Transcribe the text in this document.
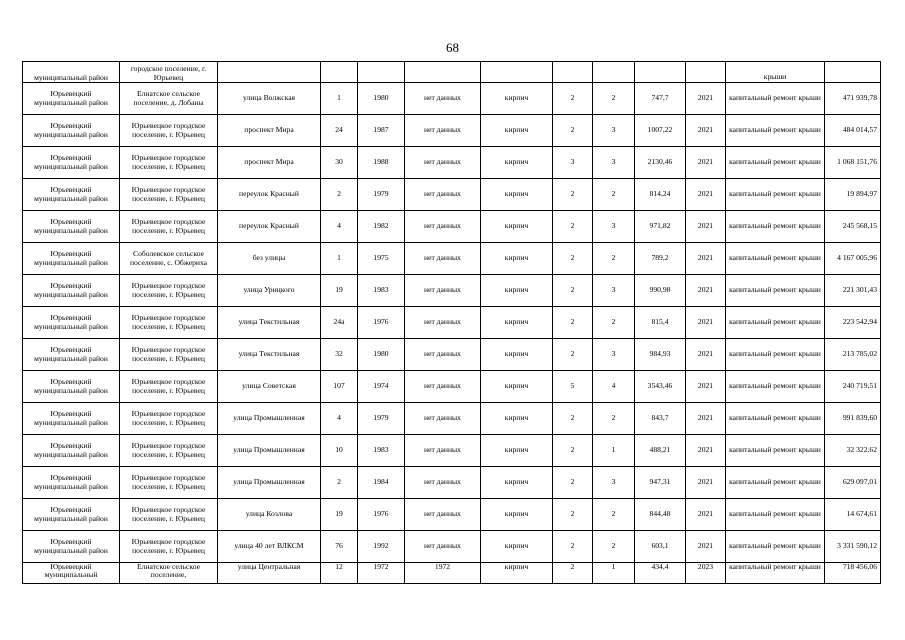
68
муниципальный район	городское поселение, г. Юрьевец										крыши	
Юрьевецкий муниципальный район	Елнатское сельское поселение, д. Лобаны	улица Волжская	1	1980	нет данных	кирпич	2	2	747,7	2021	капитальный ремонт крыши	471 939,78
Юрьевецкий муниципальный район	Юрьевецкое городское поселение, г. Юрьевец	проспект Мира	24	1987	нет данных	кирпич	2	3	1007,22	2021	капитальный ремонт крыши	484 014,57
Юрьевецкий муниципальный район	Юрьевецкое городское поселение, г. Юрьевец	проспект Мира	30	1988	нет данных	кирпич	3	3	2130,46	2021	капитальный ремонт крыши	1 068 151,76
Юрьевецкий муниципальный район	Юрьевецкое городское поселение, г. Юрьевец	переулок Красный	2	1979	нет данных	кирпич	2	2	814,24	2021	капитальный ремонт крыши	19 894,97
Юрьевецкий муниципальный район	Юрьевецкое городское поселение, г. Юрьевец	переулок Красный	4	1982	нет данных	кирпич	2	3	971,82	2021	капитальный ремонт крыши	245 568,15
Юрьевецкий муниципальный район	Соболевское сельское поселение, с. Обжериха	без улицы	1	1975	нет данных	кирпич	2	2	789,2	2021	капитальный ремонт крыши	4 167 005,96
Юрьевецкий муниципальный район	Юрьевецкое городское поселение, г. Юрьевец	улица Урицкого	19	1983	нет данных	кирпич	2	3	990,98	2021	капитальный ремонт крыши	221 301,43
Юрьевецкий муниципальный район	Юрьевецкое городское поселение, г. Юрьевец	улица Текстильная	24а	1976	нет данных	кирпич	2	2	815,4	2021	капитальный ремонт крыши	223 542,94
Юрьевецкий муниципальный район	Юрьевецкое городское поселение, г. Юрьевец	улица Текстильная	32	1980	нет данных	кирпич	2	3	984,93	2021	капитальный ремонт крыши	213 785,02
Юрьевецкий муниципальный район	Юрьевецкое городское поселение, г. Юрьевец	улица Советская	107	1974	нет данных	кирпич	5	4	3543,46	2021	капитальный ремонт крыши	240 719,51
Юрьевецкий муниципальный район	Юрьевецкое городское поселение, г. Юрьевец	улица Промышленная	4	1979	нет данных	кирпич	2	2	843,7	2021	капитальный ремонт крыши	991 839,60
Юрьевецкий муниципальный район	Юрьевецкое городское поселение, г. Юрьевец	улица Промышленная	10	1983	нет данных	кирпич	2	1	488,21	2021	капитальный ремонт крыши	32 322,62
Юрьевецкий муниципальный район	Юрьевецкое городское поселение, г. Юрьевец	улица Промышленная	2	1984	нет данных	кирпич	2	3	947,31	2021	капитальный ремонт крыши	629 097,01
Юрьевецкий муниципальный район	Юрьевецкое городское поселение, г. Юрьевец	улица Козлова	19	1976	нет данных	кирпич	2	2	844,48	2021	капитальный ремонт крыши	14 674,61
Юрьевецкий муниципальный район	Юрьевецкое городское поселение, г. Юрьевец	улица 40 лет ВЛКСМ	76	1992	нет данных	кирпич	2	2	603,1	2021	капитальный ремонт крыши	3 331 590,12
Юрьевецкий муниципальный	Елнатское сельское поселение,	улица Центральная	12	1972	1972	кирпич	2	1	434,4	2023	капитальный ремонт крыши	718 456,06
